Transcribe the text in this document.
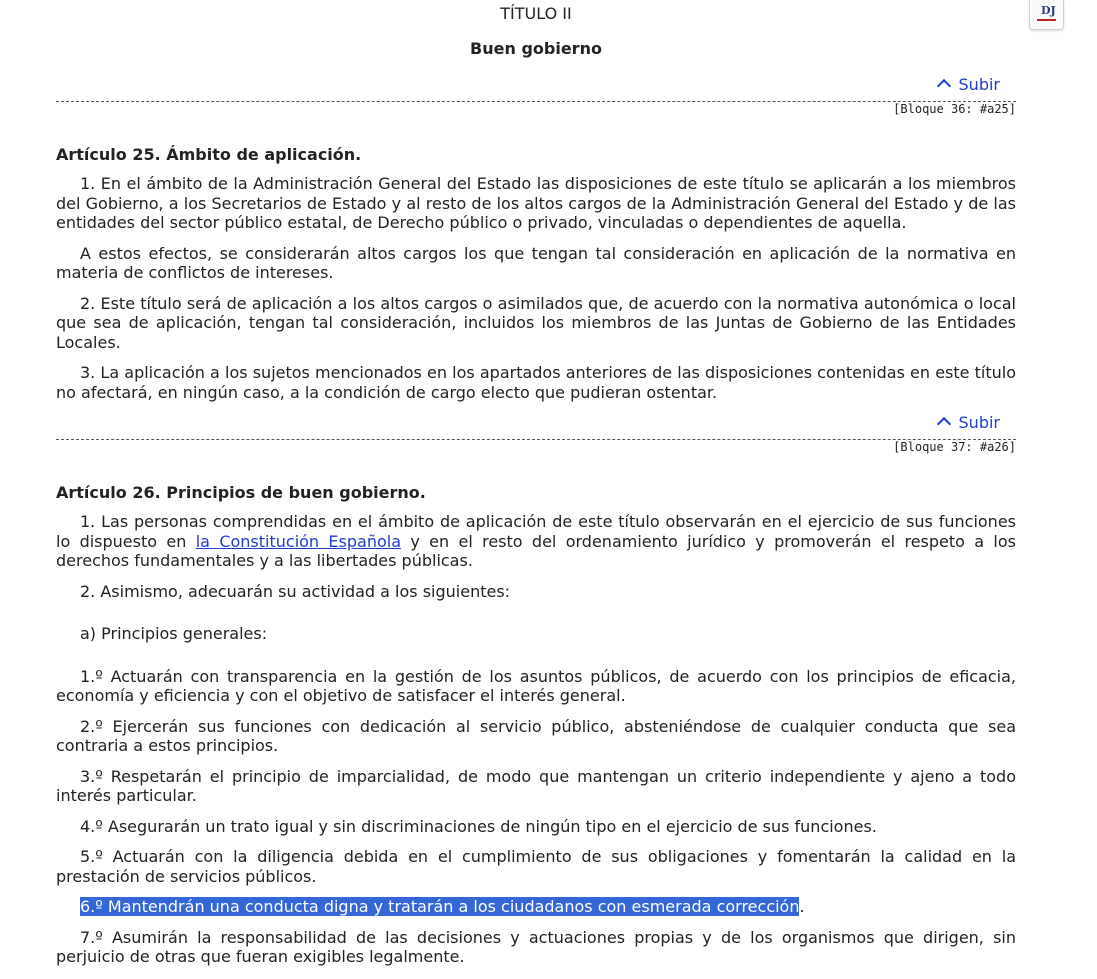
DJ
TÍTULO II
Buen gobierno
Subir
[Bloque 36: #a25]
Artículo 25. Ámbito de aplicación.

1. En el ámbito de la Administración General del Estado las disposiciones de este título se aplicarán a los miembros del Gobierno, a los Secretarios de Estado y al resto de los altos cargos de la Administración General del Estado y de las entidades del sector público estatal, de Derecho público o privado, vinculadas o dependientes de aquella.

A estos efectos, se considerarán altos cargos los que tengan tal consideración en aplicación de la normativa en materia de conflictos de intereses.

2. Este título será de aplicación a los altos cargos o asimilados que, de acuerdo con la normativa autonómica o local que sea de aplicación, tengan tal consideración, incluidos los miembros de las Juntas de Gobierno de las Entidades Locales.

3. La aplicación a los sujetos mencionados en los apartados anteriores de las disposiciones contenidas en este título no afectará, en ningún caso, a la condición de cargo electo que pudieran ostentar.

Subir
[Bloque 37: #a26]
Artículo 26. Principios de buen gobierno.

1. Las personas comprendidas en el ámbito de aplicación de este título observarán en el ejercicio de sus funciones lo dispuesto en la Constitución Española y en el resto del ordenamiento jurídico y promoverán el respeto a los derechos fundamentales y a las libertades públicas.

2. Asimismo, adecuarán su actividad a los siguientes:

a) Principios generales:

1.º Actuarán con transparencia en la gestión de los asuntos públicos, de acuerdo con los principios de eficacia, economía y eficiencia y con el objetivo de satisfacer el interés general.

2.º Ejercerán sus funciones con dedicación al servicio público, absteniéndose de cualquier conducta que sea contraria a estos principios.

3.º Respetarán el principio de imparcialidad, de modo que mantengan un criterio independiente y ajeno a todo interés particular.

4.º Asegurarán un trato igual y sin discriminaciones de ningún tipo en el ejercicio de sus funciones.

5.º Actuarán con la diligencia debida en el cumplimiento de sus obligaciones y fomentarán la calidad en la prestación de servicios públicos.

6.º Mantendrán una conducta digna y tratarán a los ciudadanos con esmerada corrección.

7.º Asumirán la responsabilidad de las decisiones y actuaciones propias y de los organismos que dirigen, sin perjuicio de otras que fueran exigibles legalmente.
